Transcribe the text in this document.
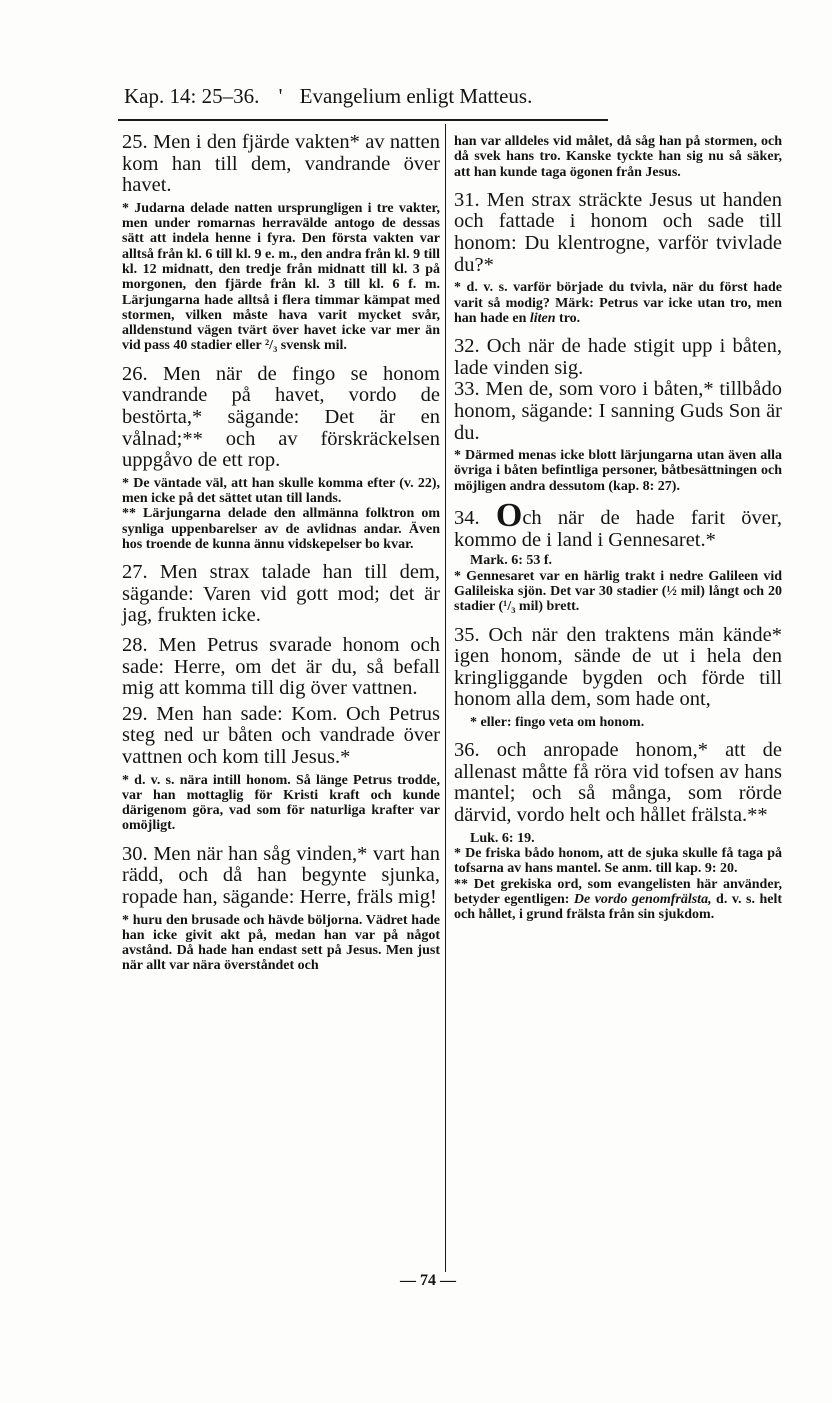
Kap. 14: 25–36. ' Evangelium enligt Matteus.

25. Men i den fjärde vakten* av natten kom han till dem, vandrande över havet.

* Judarna delade natten ursprungligen i tre vakter, men under romarnas herravälde antogo de dessas sätt att indela henne i fyra. Den första vakten var alltså från kl. 6 till kl. 9 e. m., den andra från kl. 9 till kl. 12 midnatt, den tredje från midnatt till kl. 3 på morgonen, den fjärde från kl. 3 till kl. 6 f. m. Lärjungarna hade alltså i flera timmar kämpat med stormen, vilken måste hava varit mycket svår, alldenstund vägen tvärt över havet icke var mer än vid pass 40 stadier eller ²/₃ svensk mil.

26. Men när de fingo se honom vandrande på havet, vordo de bestörta,* sägande: Det är en vålnad;** och av förskräckelsen uppgåvo de ett rop.

* De väntade väl, att han skulle komma efter (v. 22), men icke på det sättet utan till lands.

** Lärjungarna delade den allmänna folktron om synliga uppenbarelser av de avlidnas andar. Även hos troende de kunna ännu vidskepelser bo kvar.

27. Men strax talade han till dem, sägande: Varen vid gott mod; det är jag, frukten icke.

28. Men Petrus svarade honom och sade: Herre, om det är du, så befall mig att komma till dig över vattnen.

29. Men han sade: Kom. Och Petrus steg ned ur båten och vandrade över vattnen och kom till Jesus.*

* d. v. s. nära intill honom. Så länge Petrus trodde, var han mottaglig för Kristi kraft och kunde därigenom göra, vad som för naturliga krafter var omöjligt.

30. Men när han såg vinden,* vart han rädd, och då han begynte sjunka, ropade han, sägande: Herre, fräls mig!

* huru den brusade och hävde böljorna. Vädret hade han icke givit akt på, medan han var på något avstånd. Då hade han endast sett på Jesus. Men just när allt var nära överståndet och

han var alldeles vid målet, då såg han på stormen, och då svek hans tro. Kanske tyckte han sig nu så säker, att han kunde taga ögonen från Jesus.

31. Men strax sträckte Jesus ut handen och fattade i honom och sade till honom: Du klentrogne, varför tvivlade du?*

* d. v. s. varför började du tvivla, när du först hade varit så modig? Märk: Petrus var icke utan tro, men han hade en liten tro.

32. Och när de hade stigit upp i båten, lade vinden sig.

33. Men de, som voro i båten,* tillbådo honom, sägande: I sanning Guds Son är du.

* Därmed menas icke blott lärjungarna utan även alla övriga i båten befintliga personer, båtbesättningen och möjligen andra dessutom (kap. 8: 27).

34. Och när de hade farit över, kommo de i land i Gennesaret.*

Mark. 6: 53 f.

* Gennesaret var en härlig trakt i nedre Galileen vid Galileiska sjön. Det var 30 stadier (½ mil) långt och 20 stadier (¹/₃ mil) brett.

35. Och när den traktens män kände* igen honom, sände de ut i hela den kringliggande bygden och förde till honom alla dem, som hade ont,

* eller: fingo veta om honom.

36. och anropade honom,* att de allenast måtte få röra vid tofsen av hans mantel; och så många, som rörde därvid, vordo helt och hållet frälsta.**

Luk. 6: 19.

* De friska bådo honom, att de sjuka skulle få taga på tofsarna av hans mantel. Se anm. till kap. 9: 20.

** Det grekiska ord, som evangelisten här använder, betyder egentligen: De vordo genomfrälsta, d. v. s. helt och hållet, i grund frälsta från sin sjukdom.

— 74 —
